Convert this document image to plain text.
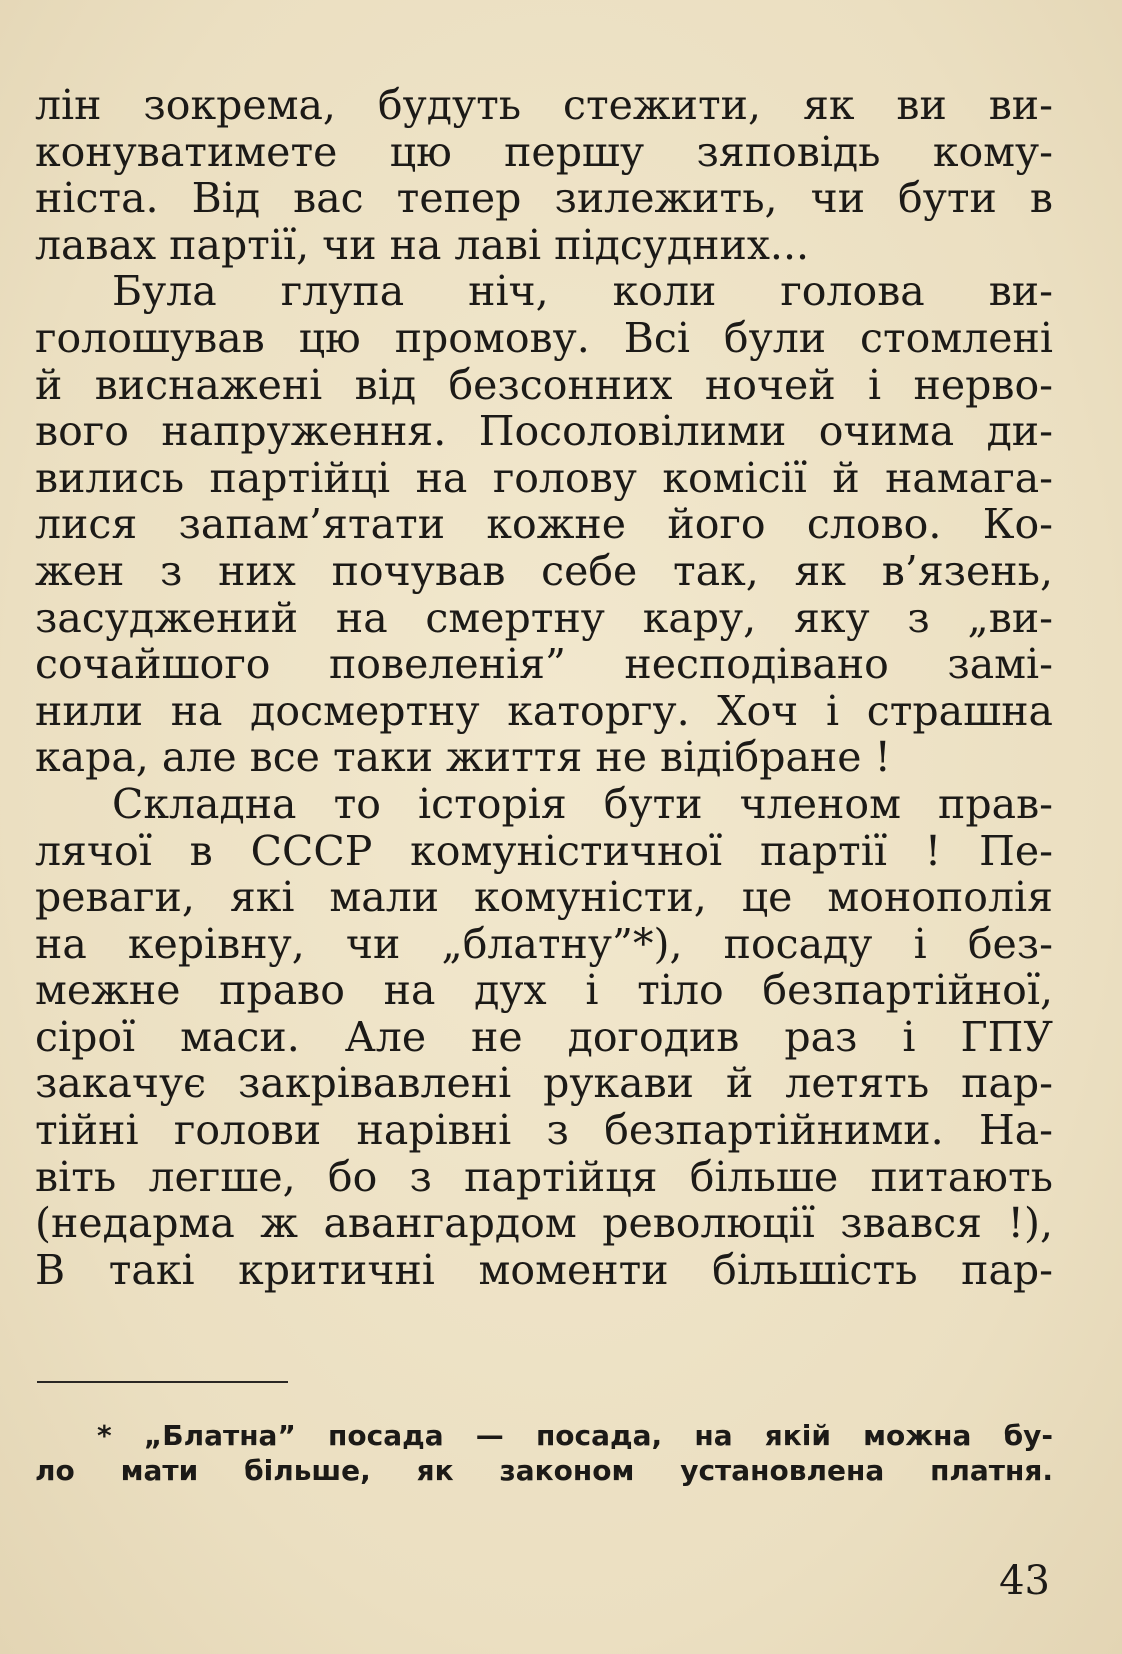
лін зокрема, будуть стежити, як ви ви-
конуватимете цю першу зяповідь кому-
ніста. Від вас тепер зилежить, чи бути в
лавах партії, чи на лаві підсудних...
Була глупа ніч, коли голова ви-
голошував цю промову. Всі були стомлені
й виснажені від безсонних ночей і нерво-
вого напруження. Посоловілими очима ди-
вились партійці на голову комісії й намага-
лися запам’ятати кожне його слово. Ко-
жен з них почував себе так, як в’язень,
засуджений на смертну кару, яку з „ви-
сочайшого повеленія” несподівано замі-
нили на досмертну каторгу. Хоч і страшна
кара, але все таки життя не відібране !
Складна то історія бути членом прав-
лячої в СССР комуністичної партії ! Пе-
реваги, які мали комуністи, це монополія
на керівну, чи „блатну”*), посаду і без-
межне право на дух і тіло безпартійної,
сірої маси. Але не догодив раз і ГПУ
закачує закрівавлені рукави й летять пар-
тійні голови нарівні з безпартійними. На-
віть легше, бо з партійця більше питають
(недарма ж авангардом революції звався !),
В такі критичні моменти більшість пар-
* „Блатна” посада — посада, на якій можна бу-
ло мати більше, як законом установлена платня.
43
